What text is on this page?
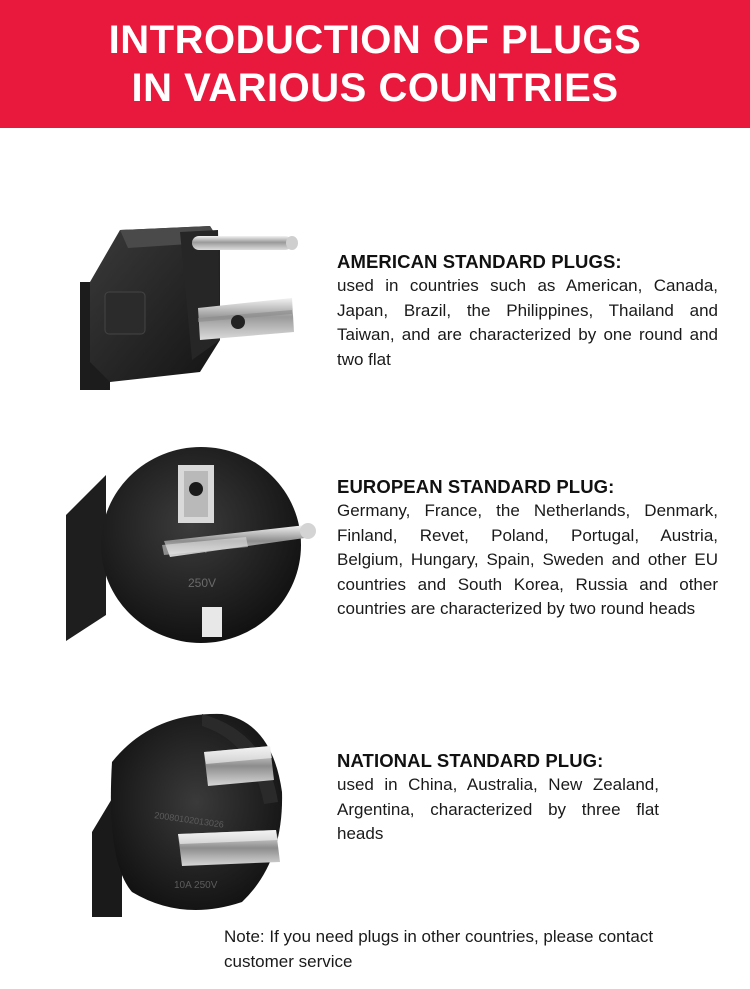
INTRODUCTION OF PLUGS
IN VARIOUS COUNTRIES
AMERICAN STANDARD PLUGS:
used in countries such as American, Canada, Japan, Brazil, the Philippines, Thailand and Taiwan, and are characterized by one round and two flat
250V
EUROPEAN STANDARD PLUG:
Germany, France, the Netherlands, Denmark, Finland, Revet, Poland, Portugal, Austria, Belgium, Hungary, Spain, Sweden and other EU countries and South Korea, Russia and other countries are characterized by two round heads
20080102013026
10A 250V
NATIONAL STANDARD PLUG:
used in China, Australia, New Zealand, Argentina, characterized by three flat heads
Note: If you need plugs in other countries, please contact customer service
